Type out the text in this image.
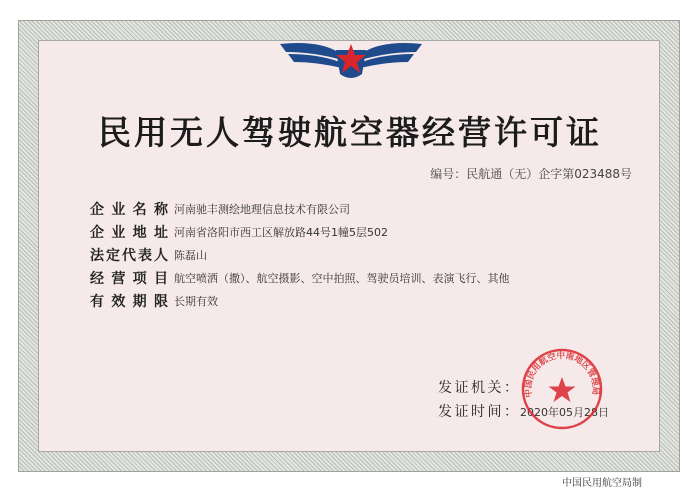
民用无人驾驶航空器经营许可证
编号：民航通（无）企字第023488号
企业名称 河南驰丰测绘地理信息技术有限公司
企业地址 河南省洛阳市西工区解放路44号1幢5层502
法定代表人 陈磊山
经营项目 航空喷洒（撒）、航空摄影、空中拍照、驾驶员培训、表演飞行、其他
有效期限 长期有效
发证机关：
发证时间： 2020年05月28日
中国民用航空中南地区管理局
中国民用航空局制
